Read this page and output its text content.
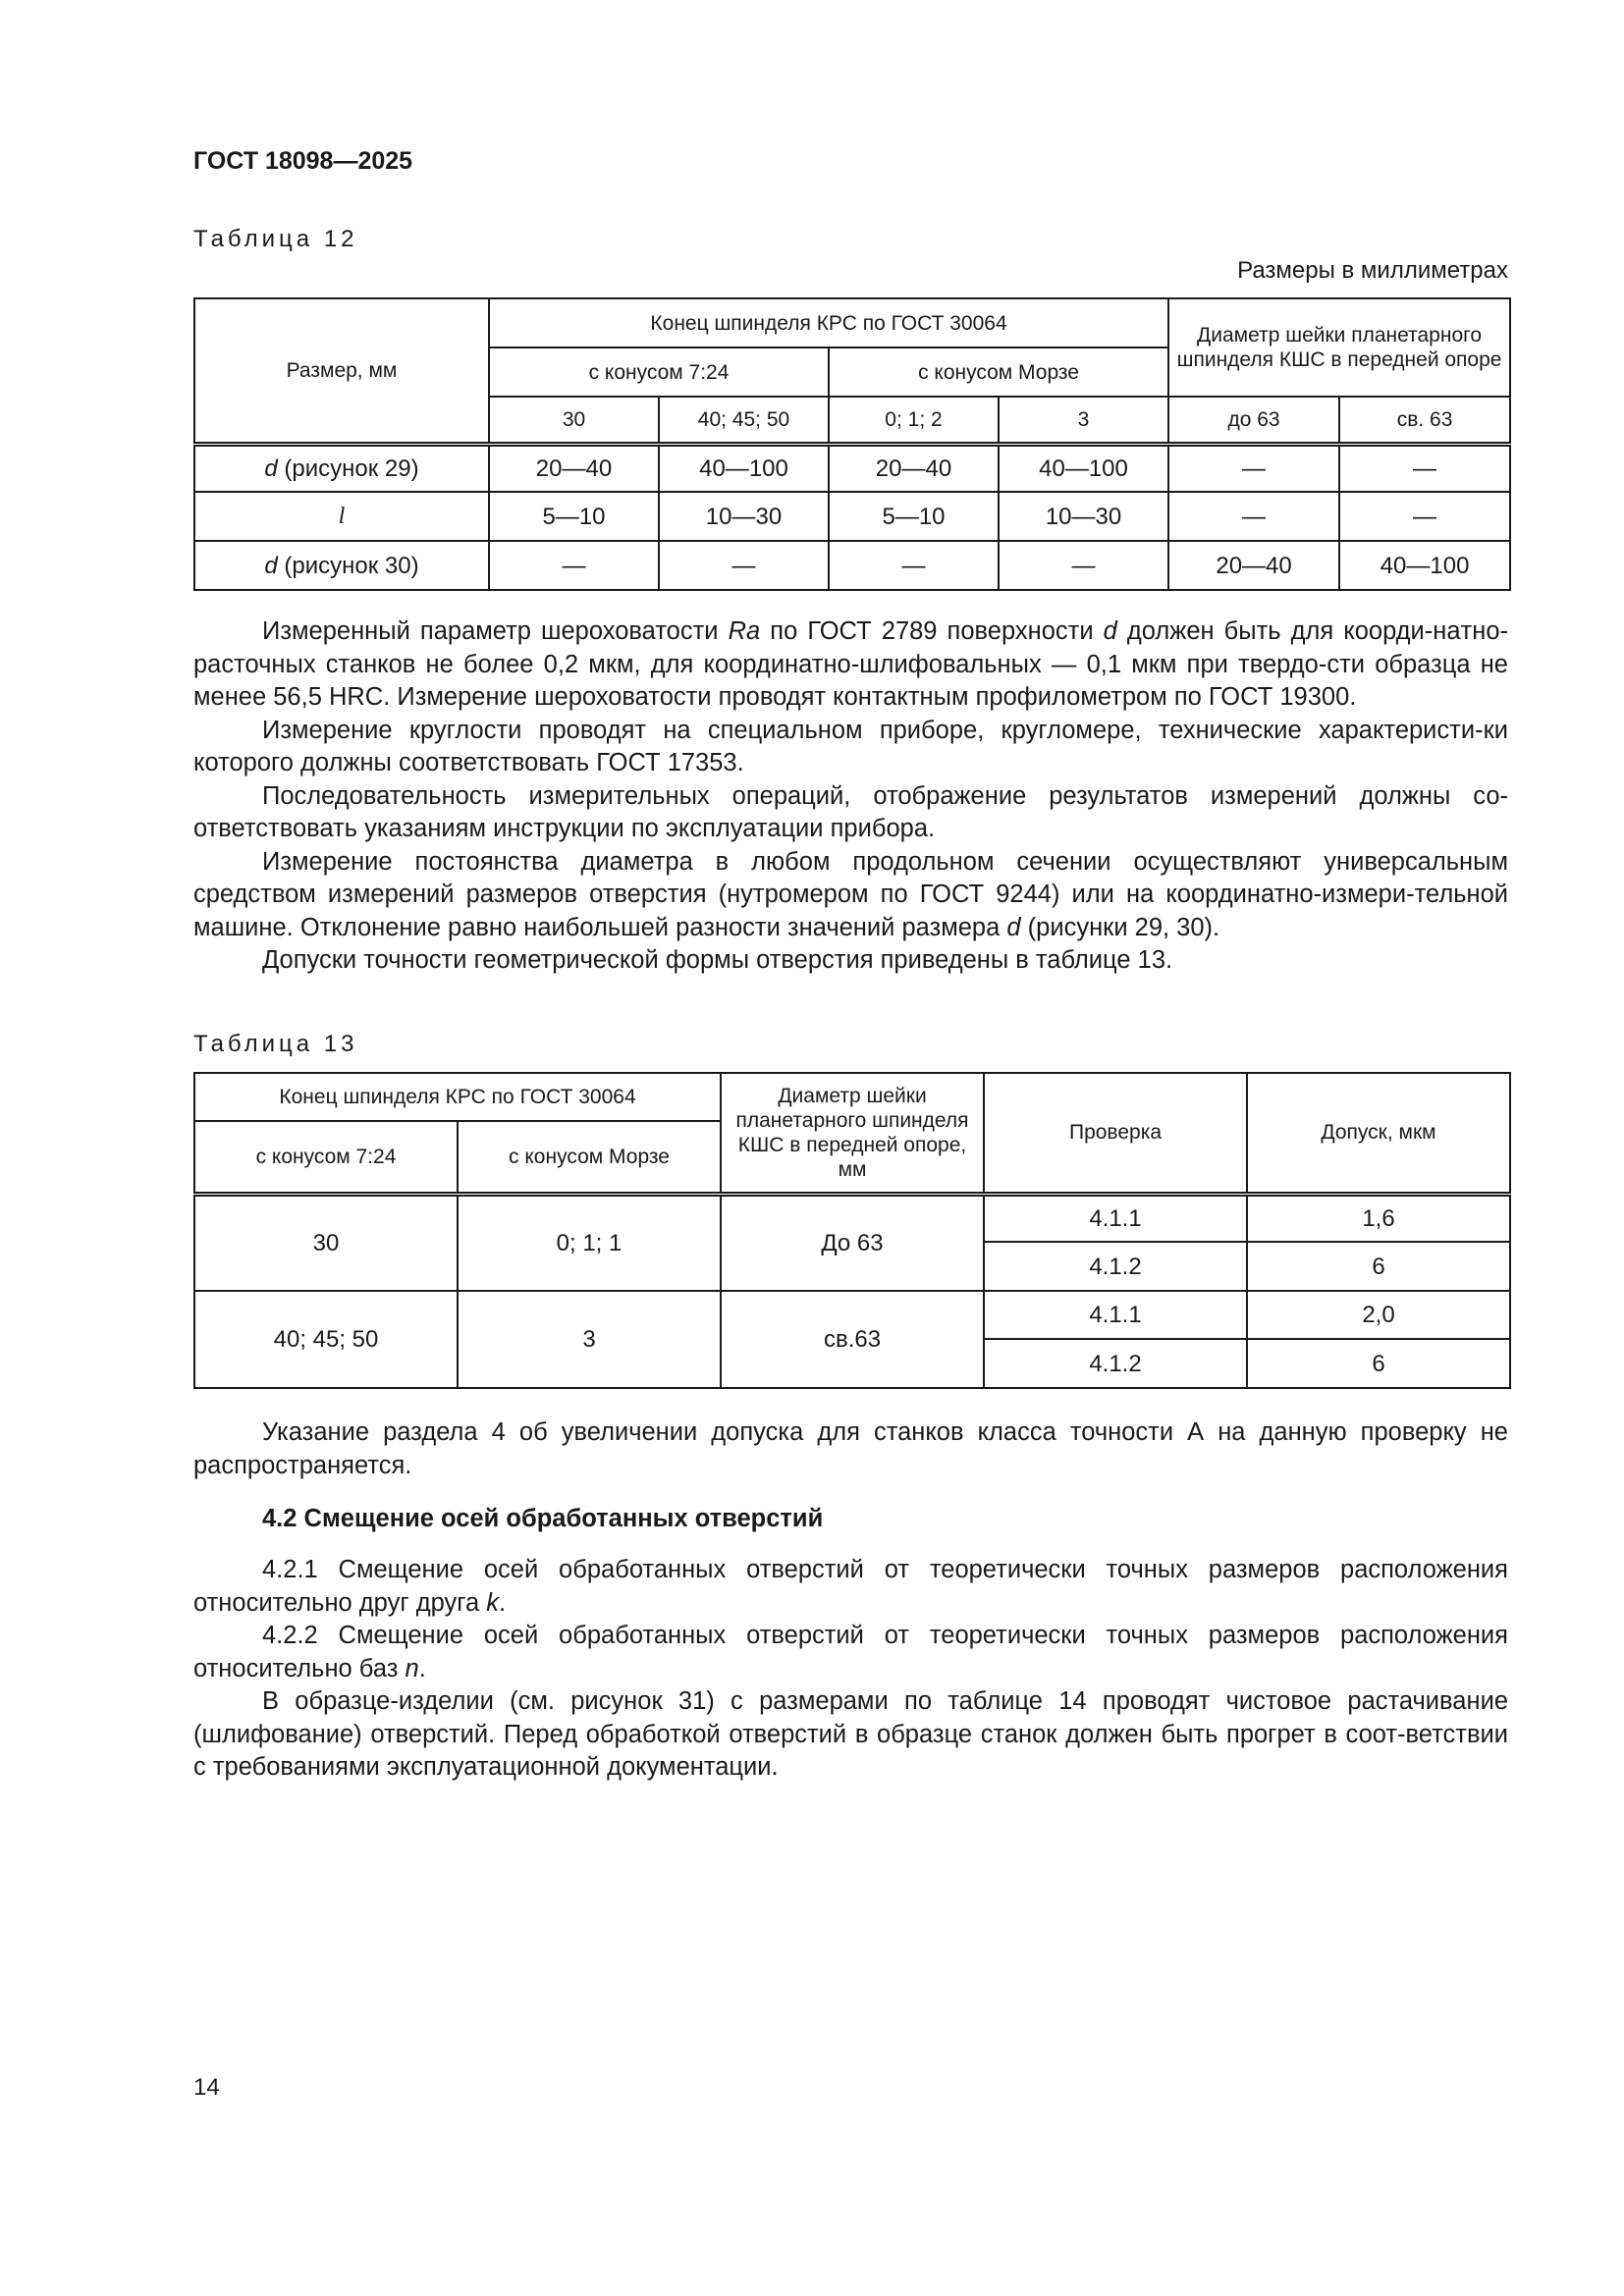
ГОСТ 18098—2025
Таблица 12
Размеры в миллиметрах
Размер, мм	Конец шпинделя КРС по ГОСТ 30064				Диаметр шейки планетарного шпинделя КШС в передней опоре	
	с конусом 7:24		с конусом Морзе			
	30	40; 45; 50	0; 1; 2	3	до 63	св. 63
d (рисунок 29)	20—40	40—100	20—40	40—100	—	—
l	5—10	10—30	5—10	10—30	—	—
d (рисунок 30)	—	—	—	—	20—40	40—100

Измеренный параметр шероховатости Ra по ГОСТ 2789 поверхности d должен быть для коорди-нaтно-расточных станков не более 0,2 мкм, для координатно-шлифовальных — 0,1 мкм при твердо-сти образца не менее 56,5 HRC. Измерение шероховатости проводят контактным профилометром по ГОСТ 19300.

Измерение круглости проводят на специальном приборе, кругломере, технические характеристи-ки которого должны соответствовать ГОСТ 17353.

Последовательность измерительных операций, отображение результатов измерений должны со-ответствовать указаниям инструкции по эксплуатации прибора.

Измерение постоянства диаметра в любом продольном сечении осуществляют универсальным средством измерений размеров отверстия (нутромером по ГОСТ 9244) или на координатно-измери-тельной машине. Отклонение равно наибольшей разности значений размера d (рисунки 29, 30).

Допуски точности геометрической формы отверстия приведены в таблице 13.

Таблица 13
Конец шпинделя КРС по ГОСТ 30064		Диаметр шейки планетарного шпинделя КШС в передней опоре, мм	Проверка	Допуск, мкм
с конусом 7:24	с конусом Морзе			
30	0; 1; 1	До 63	4.1.1	1,6
			4.1.2	6
40; 45; 50	3	св.63	4.1.1	2,0
			4.1.2	6

Указание раздела 4 об увеличении допуска для станков класса точности А на данную проверку не распространяется.

4.2 Смещение осей обработанных отверстий

4.2.1 Смещение осей обработанных отверстий от теоретически точных размеров расположения относительно друг друга k.

4.2.2 Смещение осей обработанных отверстий от теоретически точных размеров расположения относительно баз n.

В образце-изделии (см. рисунок 31) с размерами по таблице 14 проводят чистовое растачивание (шлифование) отверстий. Перед обработкой отверстий в образце станок должен быть прогрет в соот-ветствии с требованиями эксплуатационной документации.

14
